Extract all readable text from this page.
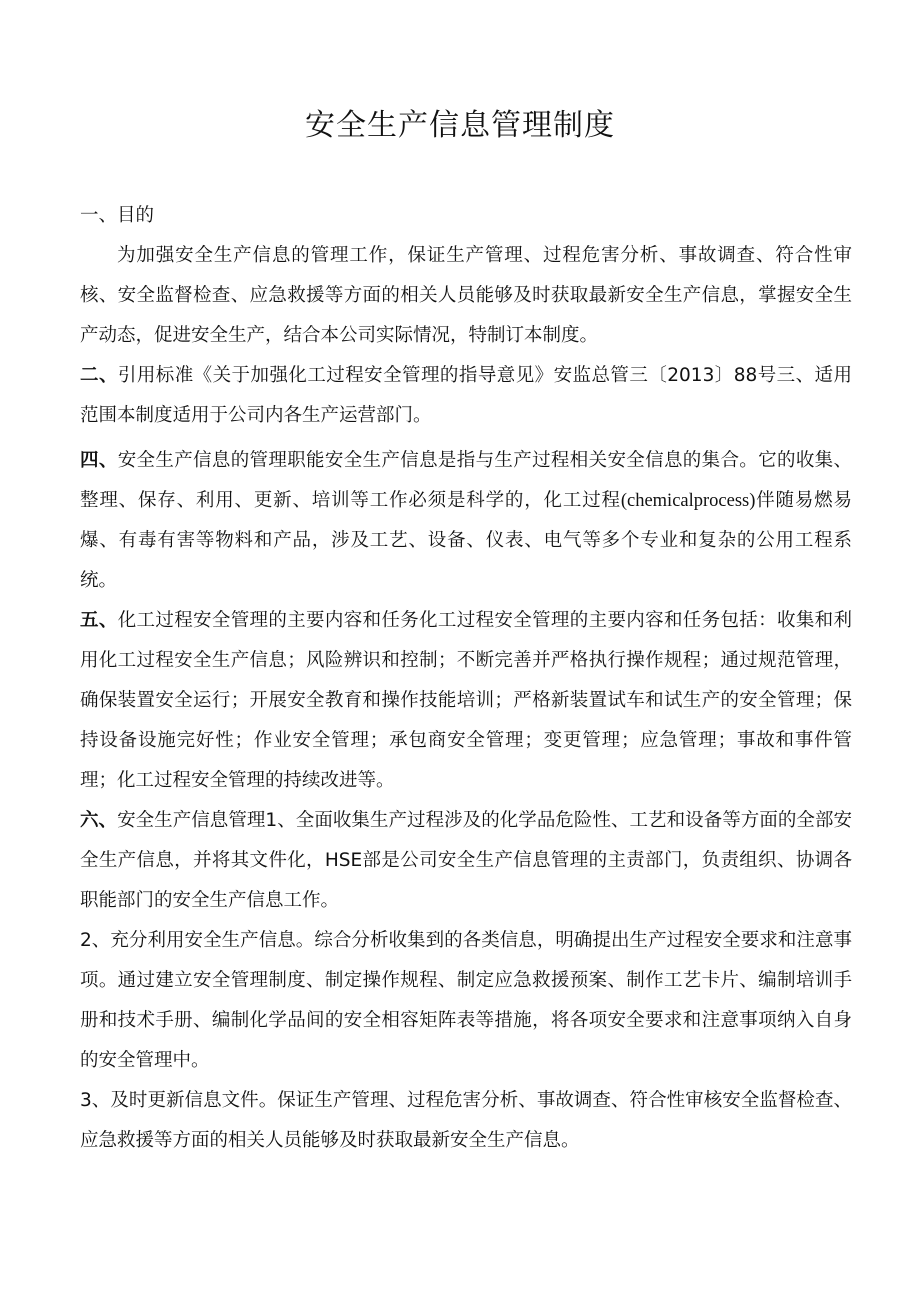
安全生产信息管理制度

一、目的

为加强安全生产信息的管理工作，保证生产管理、过程危害分析、事故调查、符合性审核、安全监督检查、应急救援等方面的相关人员能够及时获取最新安全生产信息，掌握安全生产动态，促进安全生产，结合本公司实际情况，特制订本制度。

二、引用标准《关于加强化工过程安全管理的指导意见》安监总管三〔2013〕88号三、适用范围本制度适用于公司内各生产运营部门。

四、安全生产信息的管理职能安全生产信息是指与生产过程相关安全信息的集合。它的收集、整理、保存、利用、更新、培训等工作必须是科学的，化工过程(chemicalprocess)伴随易燃易爆、有毒有害等物料和产品，涉及工艺、设备、仪表、电气等多个专业和复杂的公用工程系统。

五、化工过程安全管理的主要内容和任务化工过程安全管理的主要内容和任务包括：收集和利用化工过程安全生产信息；风险辨识和控制；不断完善并严格执行操作规程；通过规范管理，确保装置安全运行；开展安全教育和操作技能培训；严格新装置试车和试生产的安全管理；保持设备设施完好性；作业安全管理；承包商安全管理；变更管理；应急管理；事故和事件管理；化工过程安全管理的持续改进等。

六、安全生产信息管理1、全面收集生产过程涉及的化学品危险性、工艺和设备等方面的全部安全生产信息，并将其文件化，HSE部是公司安全生产信息管理的主责部门，负责组织、协调各职能部门的安全生产信息工作。

2、充分利用安全生产信息。综合分析收集到的各类信息，明确提出生产过程安全要求和注意事项。通过建立安全管理制度、制定操作规程、制定应急救援预案、制作工艺卡片、编制培训手册和技术手册、编制化学品间的安全相容矩阵表等措施，将各项安全要求和注意事项纳入自身的安全管理中。

3、及时更新信息文件。保证生产管理、过程危害分析、事故调查、符合性审核安全监督检查、应急救援等方面的相关人员能够及时获取最新安全生产信息。
